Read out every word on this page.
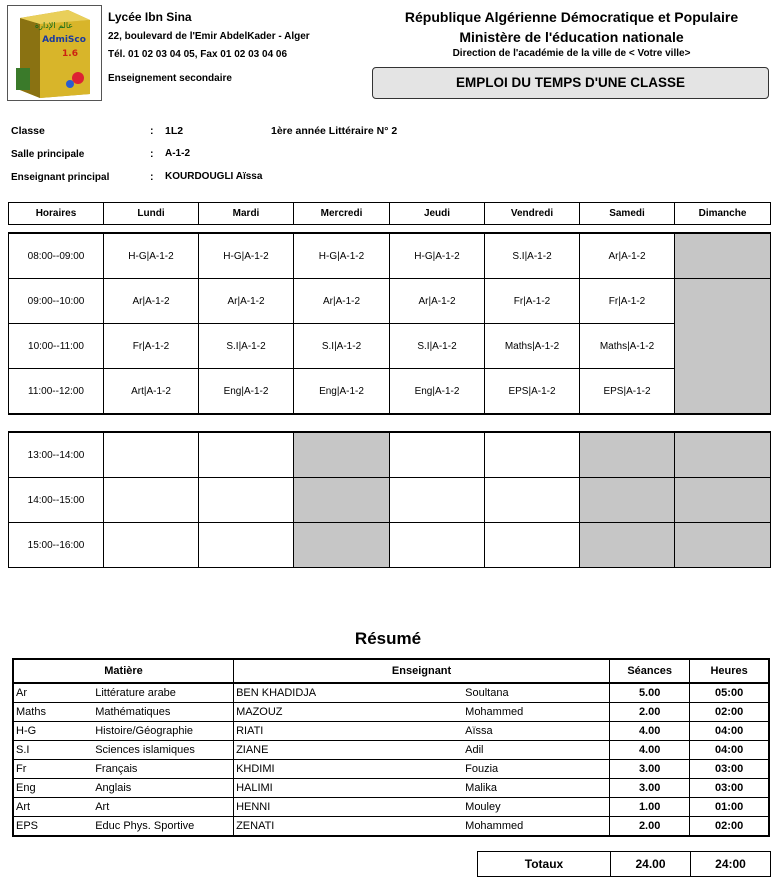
عالم الإدارة
AdmiSco
1.6
Lycée Ibn Sina
22, boulevard de l'Emir AbdelKader - Alger
Tél. 01 02 03 04 05, Fax 01 02 03 04 06
Enseignement secondaire
République Algérienne Démocratique et Populaire
Ministère de l'éducation nationale
Direction de l'académie de la ville de < Votre ville>
EMPLOI DU TEMPS D'UNE CLASSE
Classe	: 1L2	1ère année Littéraire N° 2
Salle principale	: A-1-2
Enseignant principal	: KOURDOUGLI Aïssa
Horaires	Lundi	Mardi	Mercredi	Jeudi	Vendredi	Samedi	Dimanche
08:00--09:00	H-G|A-1-2	H-G|A-1-2	H-G|A-1-2	H-G|A-1-2	S.I|A-1-2	Ar|A-1-2	
09:00--10:00	Ar|A-1-2	Ar|A-1-2	Ar|A-1-2	Ar|A-1-2	Fr|A-1-2	Fr|A-1-2	
10:00--11:00	Fr|A-1-2	S.I|A-1-2	S.I|A-1-2	S.I|A-1-2	Maths|A-1-2	Maths|A-1-2	
11:00--12:00	Art|A-1-2	Eng|A-1-2	Eng|A-1-2	Eng|A-1-2	EPS|A-1-2	EPS|A-1-2	
13:00--14:00							
14:00--15:00							
15:00--16:00							
Résumé
Matière		Enseignant		Séances	Heures
Ar	Littérature arabe	BEN KHADIDJA	Soultana	5.00	05:00
Maths	Mathématiques	MAZOUZ	Mohammed	2.00	02:00
H-G	Histoire/Géographie	RIATI	Aïssa	4.00	04:00
S.I	Sciences islamiques	ZIANE	Adil	4.00	04:00
Fr	Français	KHDIMI	Fouzia	3.00	03:00
Eng	Anglais	HALIMI	Malika	3.00	03:00
Art	Art	HENNI	Mouley	1.00	01:00
EPS	Educ Phys. Sportive	ZENATI	Mohammed	2.00	02:00
Totaux	24.00	24:00
